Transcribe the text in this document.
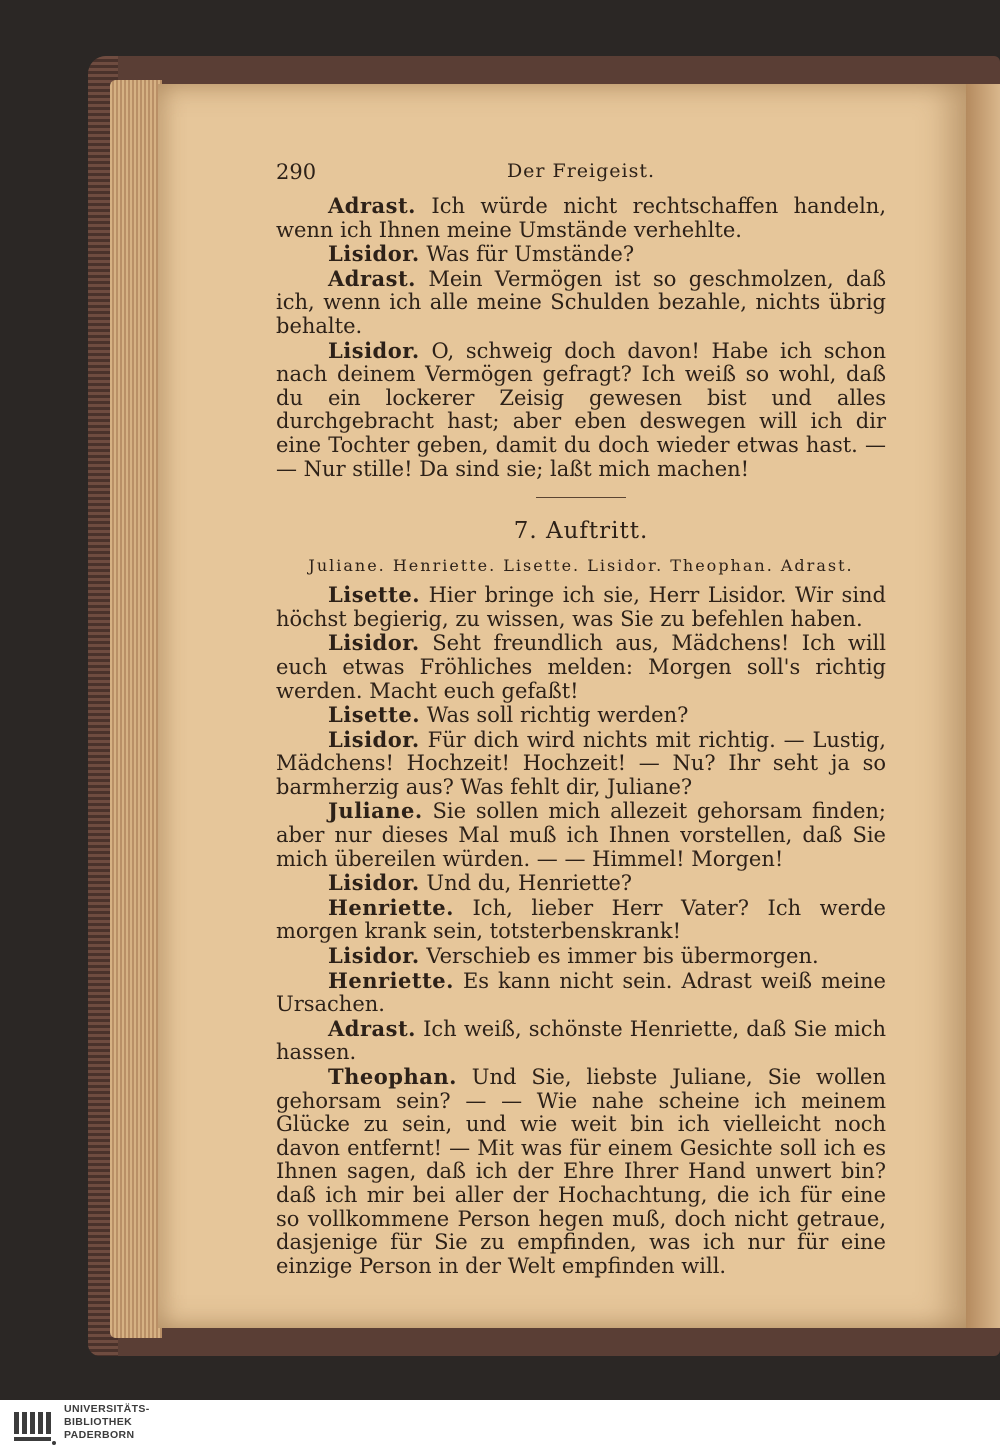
290	Der Freigeist.

Adrast. Ich würde nicht rechtschaffen handeln, wenn ich Ihnen meine Umstände verhehlte.

Lisidor. Was für Umstände?

Adrast. Mein Vermögen ist so geschmolzen, daß ich, wenn ich alle meine Schulden bezahle, nichts übrig behalte.

Lisidor. O, schweig doch davon! Habe ich schon nach deinem Vermögen gefragt? Ich weiß so wohl, daß du ein lockerer Zeisig gewesen bist und alles durchgebracht hast; aber eben deswegen will ich dir eine Tochter geben, damit du doch wieder etwas hast. — — Nur stille! Da sind sie; laßt mich machen!

7. Auftritt.

Juliane. Henriette. Lisette. Lisidor. Theophan. Adrast.

Lisette. Hier bringe ich sie, Herr Lisidor. Wir sind höchst begierig, zu wissen, was Sie zu befehlen haben.

Lisidor. Seht freundlich aus, Mädchens! Ich will euch etwas Fröhliches melden: Morgen soll's richtig werden. Macht euch gefaßt!

Lisette. Was soll richtig werden?

Lisidor. Für dich wird nichts mit richtig. — Lustig, Mädchens! Hochzeit! Hochzeit! — Nu? Ihr seht ja so barmherzig aus? Was fehlt dir, Juliane?

Juliane. Sie sollen mich allezeit gehorsam finden; aber nur dieses Mal muß ich Ihnen vorstellen, daß Sie mich übereilen würden. — — Himmel! Morgen!

Lisidor. Und du, Henriette?

Henriette. Ich, lieber Herr Vater? Ich werde morgen krank sein, totsterbenskrank!

Lisidor. Verschieb es immer bis übermorgen.

Henriette. Es kann nicht sein. Adrast weiß meine Ursachen.

Adrast. Ich weiß, schönste Henriette, daß Sie mich hassen.

Theophan. Und Sie, liebste Juliane, Sie wollen gehorsam sein? — — Wie nahe scheine ich meinem Glücke zu sein, und wie weit bin ich vielleicht noch davon entfernt! — Mit was für einem Gesichte soll ich es Ihnen sagen, daß ich der Ehre Ihrer Hand unwert bin? daß ich mir bei aller der Hochachtung, die ich für eine so vollkommene Person hegen muß, doch nicht getraue, dasjenige für Sie zu empfinden, was ich nur für eine einzige Person in der Welt empfinden will.

UNIVERSITÄTS-
BIBLIOTHEK
PADERBORN
